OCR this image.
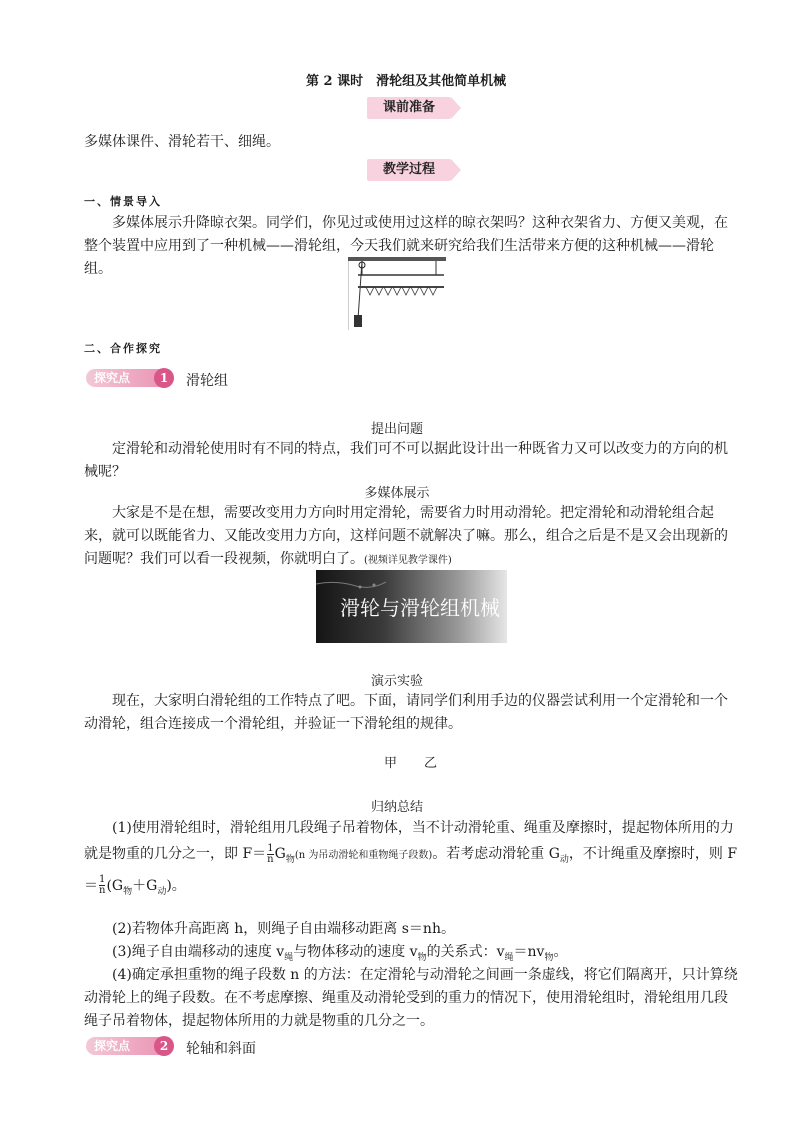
第 2 课时　滑轮组及其他简单机械
课前准备
多媒体课件、滑轮若干、细绳。
教学过程
一、情景导入

多媒体展示升降晾衣架。同学们，你见过或使用过这样的晾衣架吗？这种衣架省力、方便又美观，在整个装置中应用到了一种机械——滑轮组，今天我们就来研究给我们生活带来方便的这种机械——滑轮组。

二、合作探究
探究点	1	滑轮组
提出问题

定滑轮和动滑轮使用时有不同的特点，我们可不可以据此设计出一种既省力又可以改变力的方向的机械呢？

多媒体展示

大家是不是在想，需要改变用力方向时用定滑轮，需要省力时用动滑轮。把定滑轮和动滑轮组合起来，就可以既能省力、又能改变用力方向，这样问题不就解决了嘛。那么，组合之后是不是又会出现新的问题呢？我们可以看一段视频，你就明白了。(视频详见教学课件)

滑轮与滑轮组机械
演示实验

现在，大家明白滑轮组的工作特点了吧。下面，请同学们利用手边的仪器尝试利用一个定滑轮和一个动滑轮，组合连接成一个滑轮组，并验证一下滑轮组的规律。

甲 乙
归纳总结

(1)使用滑轮组时，滑轮组用几段绳子吊着物体，当不计动滑轮重、绳重及摩擦时，提起物体所用的力就是物重的几分之一，即 $F= \frac{1}{n} G_物(n$ 为吊动滑轮和重物绳子段数)。若考虑动滑轮重 $G_动$，不计绳重及摩擦时，则 $F= \frac{1}{n} (G_物+G_动)$。

(2)若物体升高距离 h，则绳子自由端移动距离 s＝nh。

(3)绳子自由端移动的速度 $v_绳$与物体移动的速度 $v_物$的关系式：$v_绳=nv_物$。

(4)确定承担重物的绳子段数 n 的方法：在定滑轮与动滑轮之间画一条虚线，将它们隔离开，只计算绕动滑轮上的绳子段数。在不考虑摩擦、绳重及动滑轮受到的重力的情况下，使用滑轮组时，滑轮组用几段绳子吊着物体，提起物体所用的力就是物重的几分之一。

探究点	2	轮轴和斜面
